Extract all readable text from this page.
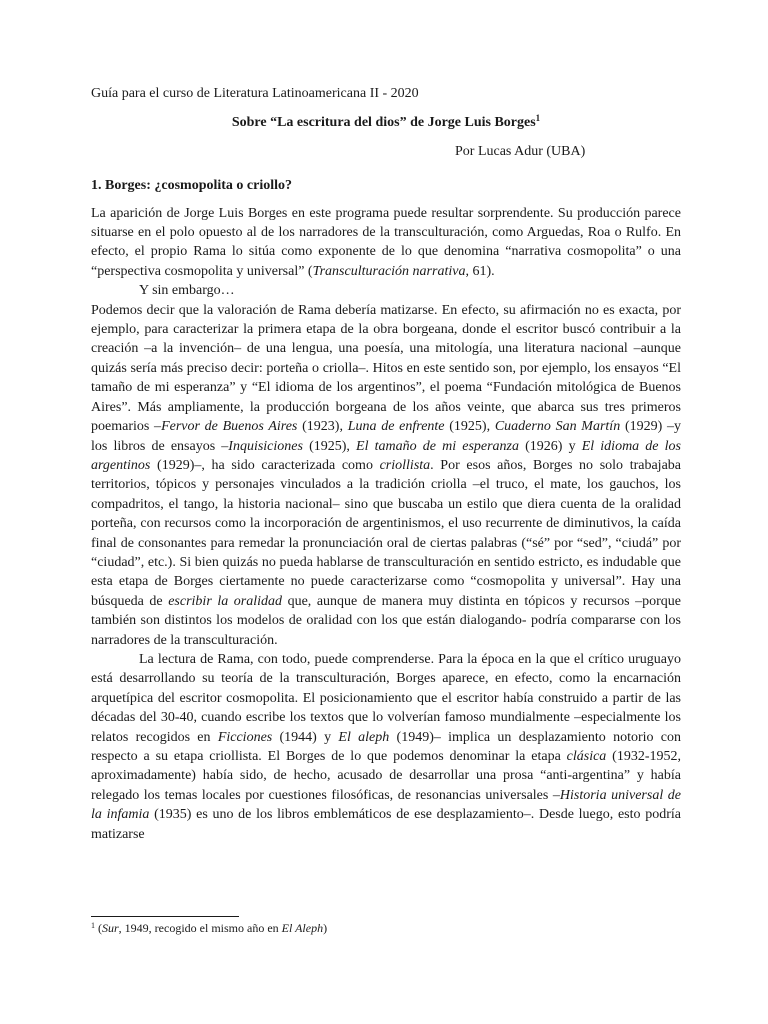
Guía para el curso de Literatura Latinoamericana II - 2020
Sobre “La escritura del dios” de Jorge Luis Borges$^1$
Por Lucas Adur (UBA)
1. Borges: ¿cosmopolita o criollo?

La aparición de Jorge Luis Borges en este programa puede resultar sorprendente. Su producción parece situarse en el polo opuesto al de los narradores de la transculturación, como Arguedas, Roa o Rulfo. En efecto, el propio Rama lo sitúa como exponente de lo que denomina “narrativa cosmopolita” o una “perspectiva cosmopolita y universal” (Transculturación narrativa, 61).

Y sin embargo…

Podemos decir que la valoración de Rama debería matizarse. En efecto, su afirmación no es exacta, por ejemplo, para caracterizar la primera etapa de la obra borgeana, donde el escritor buscó contribuir a la creación –a la invención– de una lengua, una poesía, una mitología, una literatura nacional –aunque quizás sería más preciso decir: porteña o criolla–. Hitos en este sentido son, por ejemplo, los ensayos “El tamaño de mi esperanza” y “El idioma de los argentinos”, el poema “Fundación mitológica de Buenos Aires”. Más ampliamente, la producción borgeana de los años veinte, que abarca sus tres primeros poemarios –Fervor de Buenos Aires (1923), Luna de enfrente (1925), Cuaderno San Martín (1929) –y los libros de ensayos –Inquisiciones (1925), El tamaño de mi esperanza (1926) y El idioma de los argentinos (1929)–, ha sido caracterizada como criollista. Por esos años, Borges no solo trabajaba territorios, tópicos y personajes vinculados a la tradición criolla –el truco, el mate, los gauchos, los compadritos, el tango, la historia nacional– sino que buscaba un estilo que diera cuenta de la oralidad porteña, con recursos como la incorporación de argentinismos, el uso recurrente de diminutivos, la caída final de consonantes para remedar la pronunciación oral de ciertas palabras (“sé” por “sed”, “ciudá” por “ciudad”, etc.). Si bien quizás no pueda hablarse de transculturación en sentido estricto, es indudable que esta etapa de Borges ciertamente no puede caracterizarse como “cosmopolita y universal”. Hay una búsqueda de escribir la oralidad que, aunque de manera muy distinta en tópicos y recursos –porque también son distintos los modelos de oralidad con los que están dialogando- podría compararse con los narradores de la transculturación.

La lectura de Rama, con todo, puede comprenderse. Para la época en la que el crítico uruguayo está desarrollando su teoría de la transculturación, Borges aparece, en efecto, como la encarnación arquetípica del escritor cosmopolita. El posicionamiento que el escritor había construido a partir de las décadas del 30-40, cuando escribe los textos que lo volverían famoso mundialmente –especialmente los relatos recogidos en Ficciones (1944) y El aleph (1949)– implica un desplazamiento notorio con respecto a su etapa criollista. El Borges de lo que podemos denominar la etapa clásica (1932-1952, aproximadamente) había sido, de hecho, acusado de desarrollar una prosa “anti-argentina” y había relegado los temas locales por cuestiones filosóficas, de resonancias universales –Historia universal de la infamia (1935) es uno de los libros emblemáticos de ese desplazamiento–. Desde luego, esto podría matizarse

$^1$ (Sur, 1949, recogido el mismo año en El Aleph)
